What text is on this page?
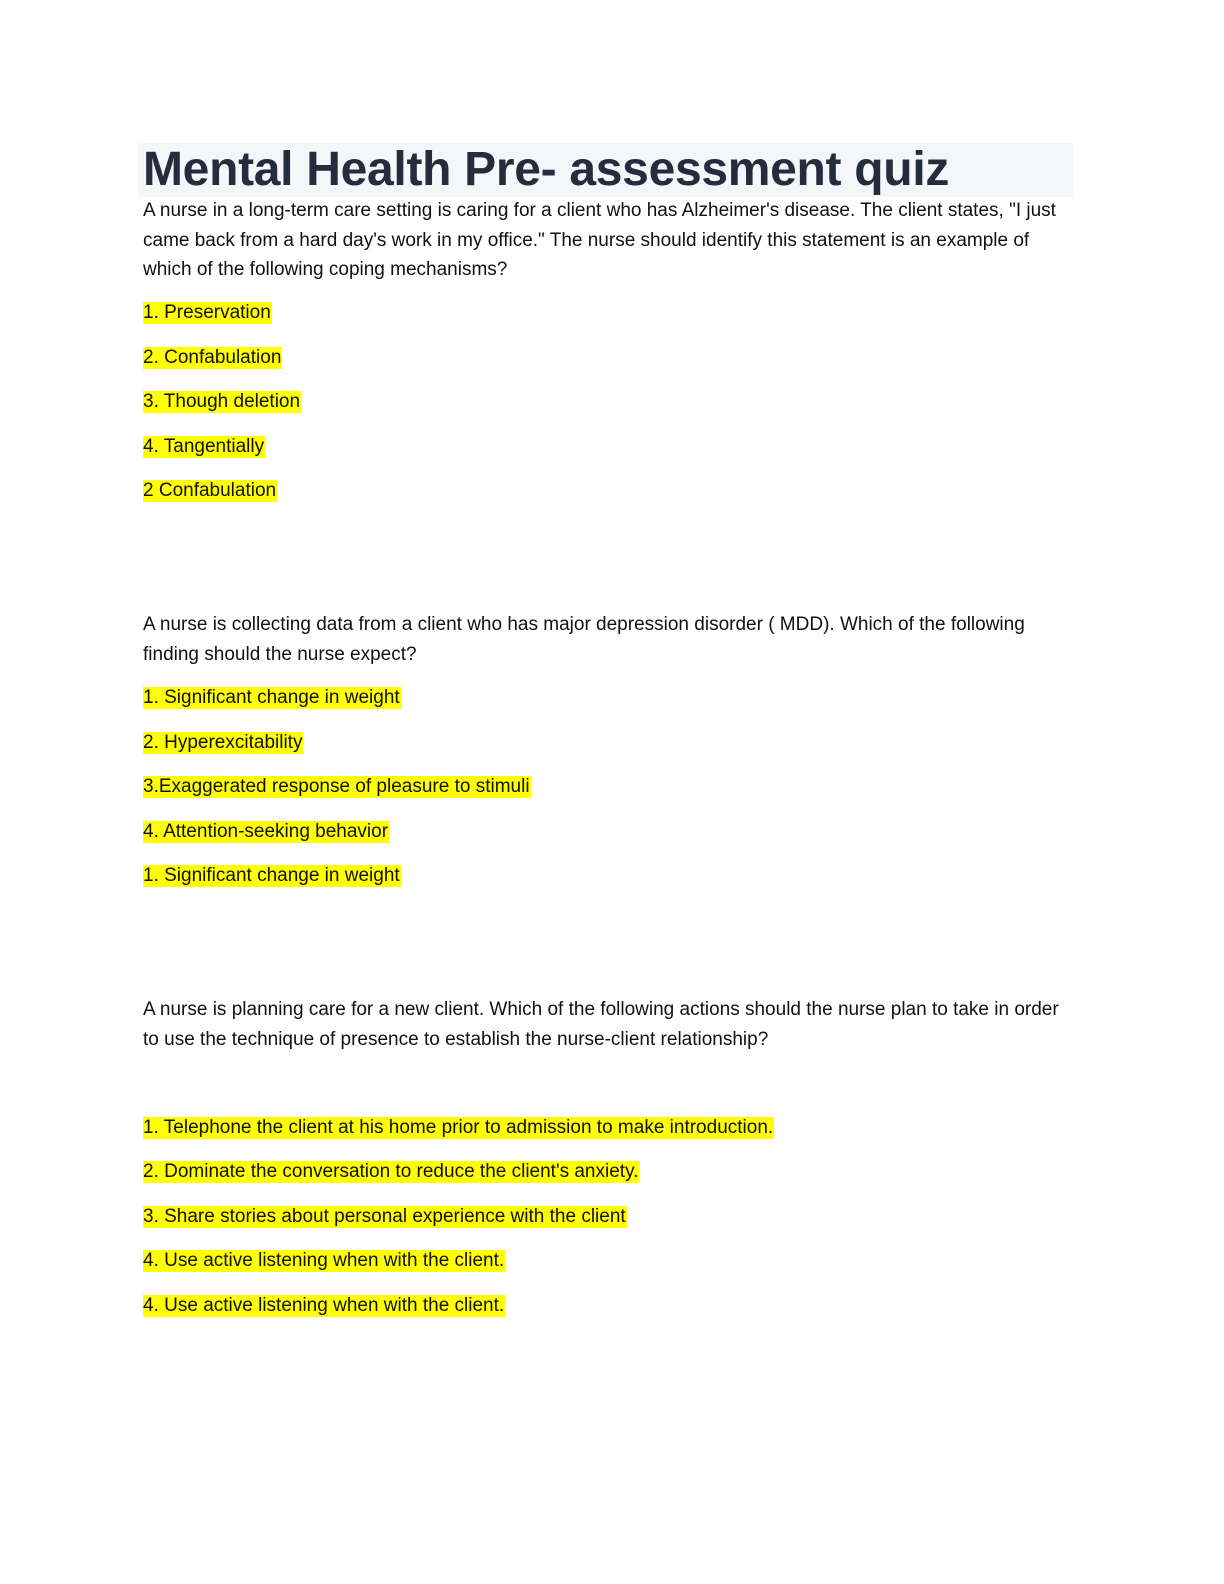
Mental Health Pre- assessment quiz
A nurse in a long-term care setting is caring for a client who has Alzheimer's disease. The client states, "I just came back from a hard day's work in my office." The nurse should identify this statement is an example of which of the following coping mechanisms?
1. Preservation
2. Confabulation
3. Though deletion
4. Tangentially
2 Confabulation
A nurse is collecting data from a client who has major depression disorder ( MDD). Which of the following finding should the nurse expect?
1. Significant change in weight
2. Hyperexcitability
3.Exaggerated response of pleasure to stimuli
4. Attention-seeking behavior
1. Significant change in weight
A nurse is planning care for a new client. Which of the following actions should the nurse plan to take in order to use the technique of presence to establish the nurse-client relationship?
1. Telephone the client at his home prior to admission to make introduction.
2. Dominate the conversation to reduce the client's anxiety.
3. Share stories about personal experience with the client
4. Use active listening when with the client.
4. Use active listening when with the client.
